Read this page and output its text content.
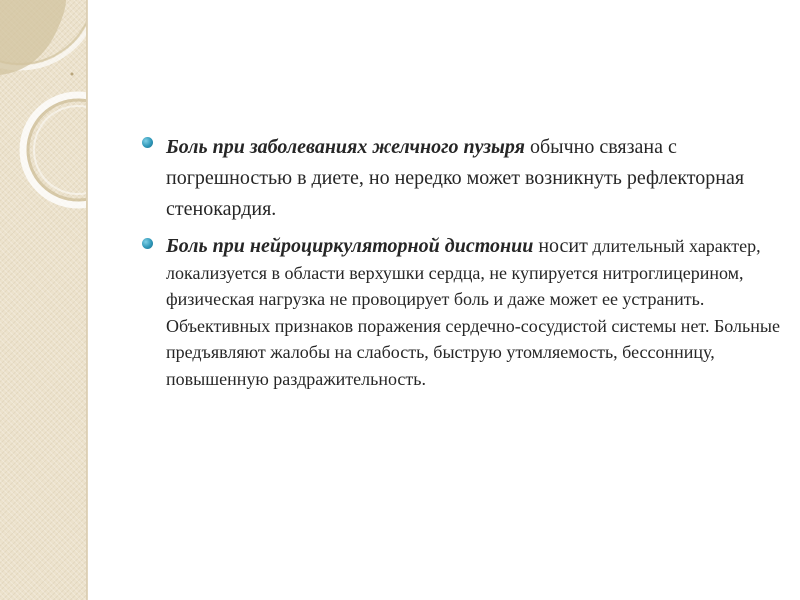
Боль при заболеваниях желчного пузыря обычно связана с погрешностью в диете, но нередко может возникнуть рефлекторная стенокардия.
Боль при нейроциркуляторной дистонии носит длительный характер, локализуется в области верхушки сердца, не купируется нитроглицерином, физическая нагрузка не провоцирует боль и даже может ее устранить. Объективных признаков поражения сердечно-сосудистой системы нет. Больные предъявляют жалобы на слабость, быструю утомляемость, бессонницу, повышенную раздражительность.
